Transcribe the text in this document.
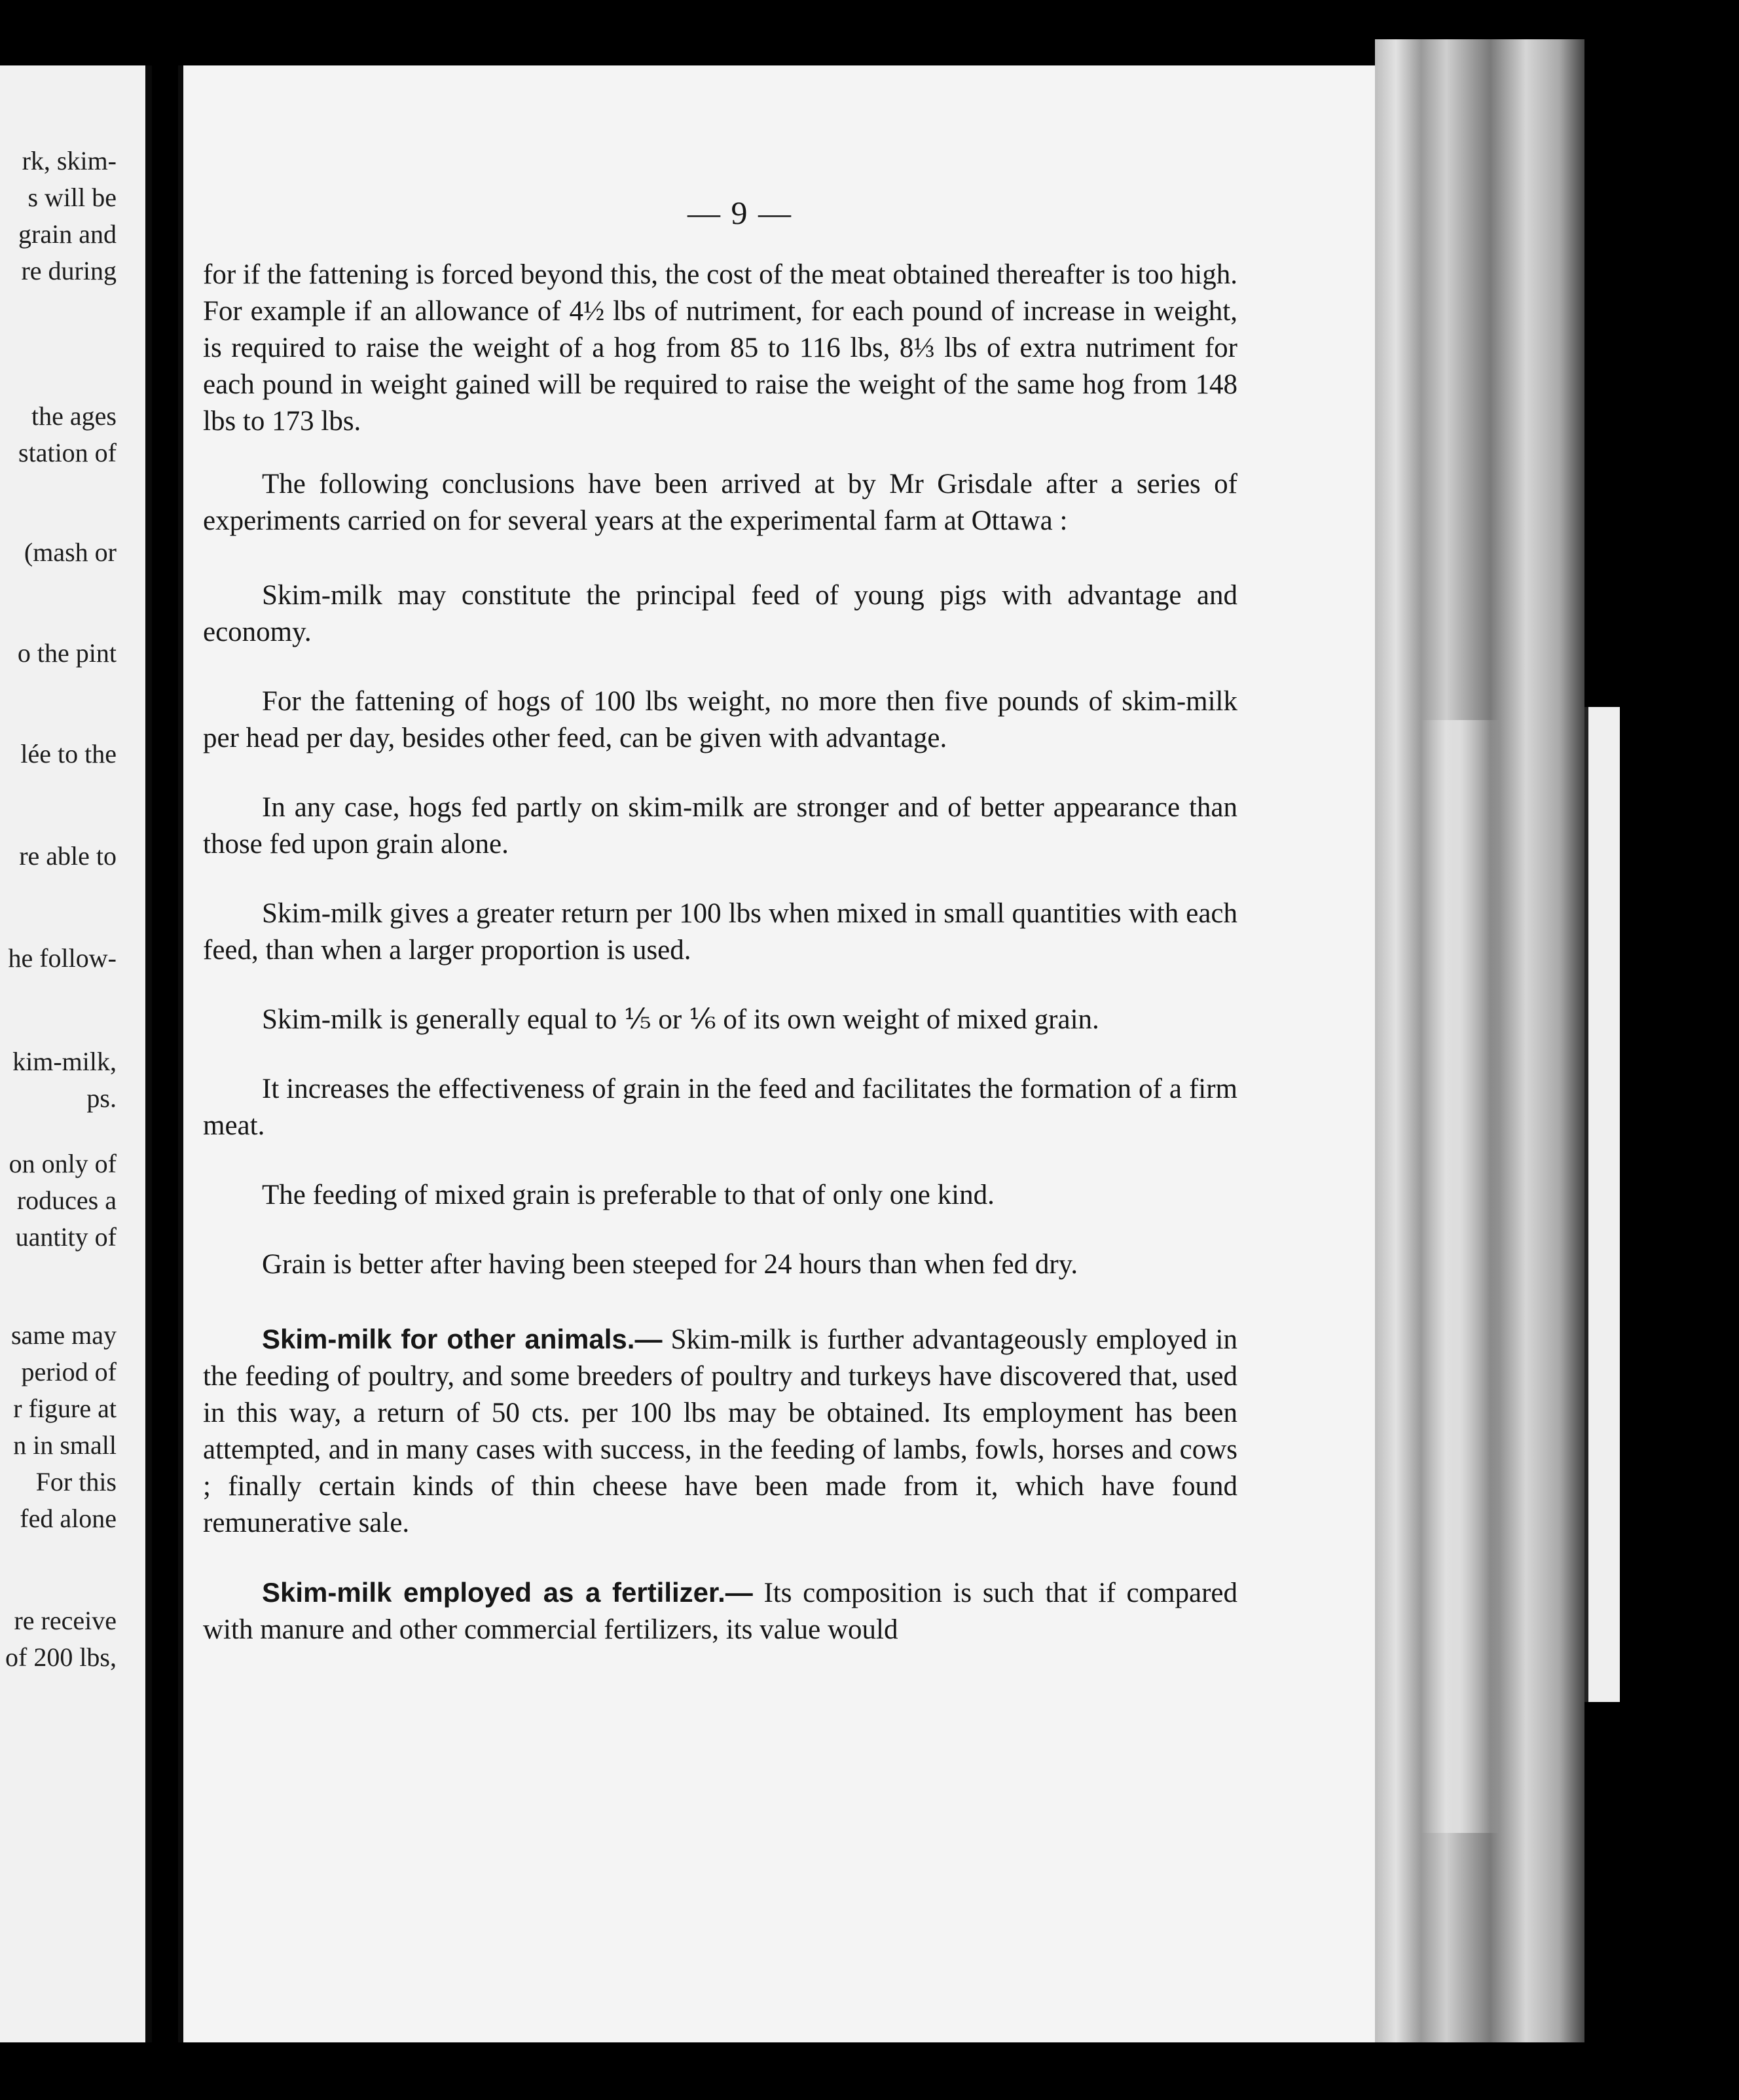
rk, skim-
s will be
grain and
re during
the ages
station of
(mash or
o the pint
lée to the
re able to
he follow-
kim-milk,
ps.
on only of
roduces a
uantity of
same may
period of
r figure at
n in small
For this
fed alone
re receive
of 200 lbs,
— 9 —

for if the fattening is forced beyond this, the cost of the meat obtained thereafter is too high. For example if an allowance of 4½ lbs of nutriment, for each pound of increase in weight, is required to raise the weight of a hog from 85 to 116 lbs, 8⅓ lbs of extra nutriment for each pound in weight gained will be required to raise the weight of the same hog from 148 lbs to 173 lbs.

The following conclusions have been arrived at by Mr Grisdale after a series of experiments carried on for several years at the experimental farm at Ottawa :

Skim-milk may constitute the principal feed of young pigs with advantage and economy.

For the fattening of hogs of 100 lbs weight, no more then five pounds of skim-milk per head per day, besides other feed, can be given with advantage.

In any case, hogs fed partly on skim-milk are stronger and of better appearance than those fed upon grain alone.

Skim-milk gives a greater return per 100 lbs when mixed in small quantities with each feed, than when a larger proportion is used.

Skim-milk is generally equal to ⅕ or ⅙ of its own weight of mixed grain.

It increases the effectiveness of grain in the feed and facilitates the formation of a firm meat.

The feeding of mixed grain is preferable to that of only one kind.

Grain is better after having been steeped for 24 hours than when fed dry.

Skim-milk for other animals.— Skim-milk is further advantageously employed in the feeding of poultry, and some breeders of poultry and turkeys have discovered that, used in this way, a return of 50 cts. per 100 lbs may be obtained. Its employment has been attempted, and in many cases with success, in the feeding of lambs, fowls, horses and cows ; finally certain kinds of thin cheese have been made from it, which have found remunerative sale.

Skim-milk employed as a fertilizer.— Its composition is such that if compared with manure and other commercial fertilizers, its value would
